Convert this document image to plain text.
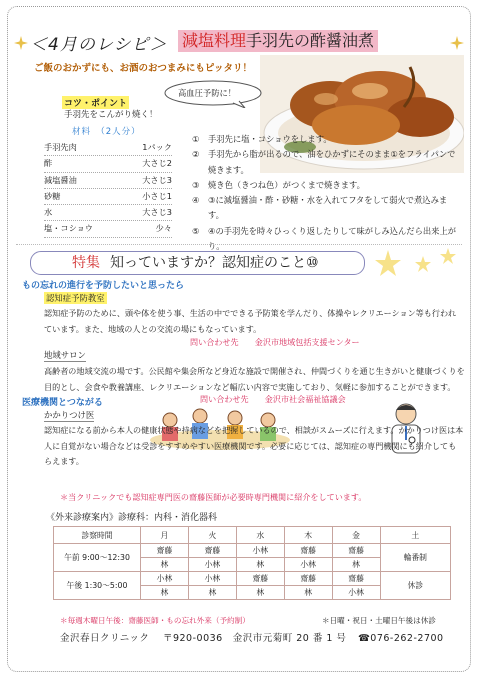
＜4月のレシピ＞ 減塩料理手羽先の酢醤油煮
ご飯のおかずにも、お酒のおつまみにもピッタリ！
高血圧予防に！
コツ・ポイント
手羽先をこんがり焼く！
材料　（2人分）
手羽先肉	1パック
酢	大さじ2
減塩醤油	大さじ3
砂糖	小さじ1
水	大さじ3
塩・コショウ	少々
①	手羽先に塩・コショウをします。
②	手羽先から脂が出るので、油をひかずにそのまま①をフライパンで焼きます。
③	焼き色（きつね色）がつくまで焼きます。
④	③に減塩醤油・酢・砂糖・水を入れてフタをして弱火で煮込みます。
⑤	④の手羽先を時々ひっくり返したりして味がしみ込んだら出来上がり。
特集 知っていますか？認知症のこと⑩
もの忘れの進行を予防したいと思ったら
認知症予防教室
認知症予防のために、頭や体を使う事、生活の中でできる予防策を学んだり、体操やレクリエーション等も行われています。また、地域の人との交流の場にもなっています。
問い合わせ先　　金沢市地域包括支援センター
地域サロン
高齢者の地域交流の場です。公民館や集会所など身近な施設で開催され、仲間づくりを通じ生きがいと健康づくりを目的とし、会食や教養講座、レクリエーションなど幅広い内容で実施しており、気軽に参加することができます。
問い合わせ先　　金沢市社会福祉協議会
医療機関とつながる
かかりつけ医
認知症になる前から本人の健康状態や持病などを把握しているので、相談がスムーズに行えます。かかりつけ医は本人に自覚がない場合などは受診をすすめやすい医療機関です。必要に応じては、認知症の専門機関にも紹介してもらえます。
＊当クリニックでも認知症専門医の齋藤医師が必要時専門機関に紹介をしています。
《外来診療案内》診療科：内科・消化器科
診察時間	月	火	水	木	金	土
午前 9:00～12:30	齋藤	齋藤	小林	齋藤	齋藤	輪番制
	林	小林	林	小林	林	
午後 1:30～5:00	小林	小林	齋藤	齋藤	齋藤	休診
	林	林	林	林	小林	
＊毎週木曜日午後：齋藤医師・もの忘れ外来（予約制）	＊日曜・祝日・土曜日午後は休診
金沢春日クリニック 〒920-0036　金沢市元菊町 20 番 1 号 ☎076-262-2700
